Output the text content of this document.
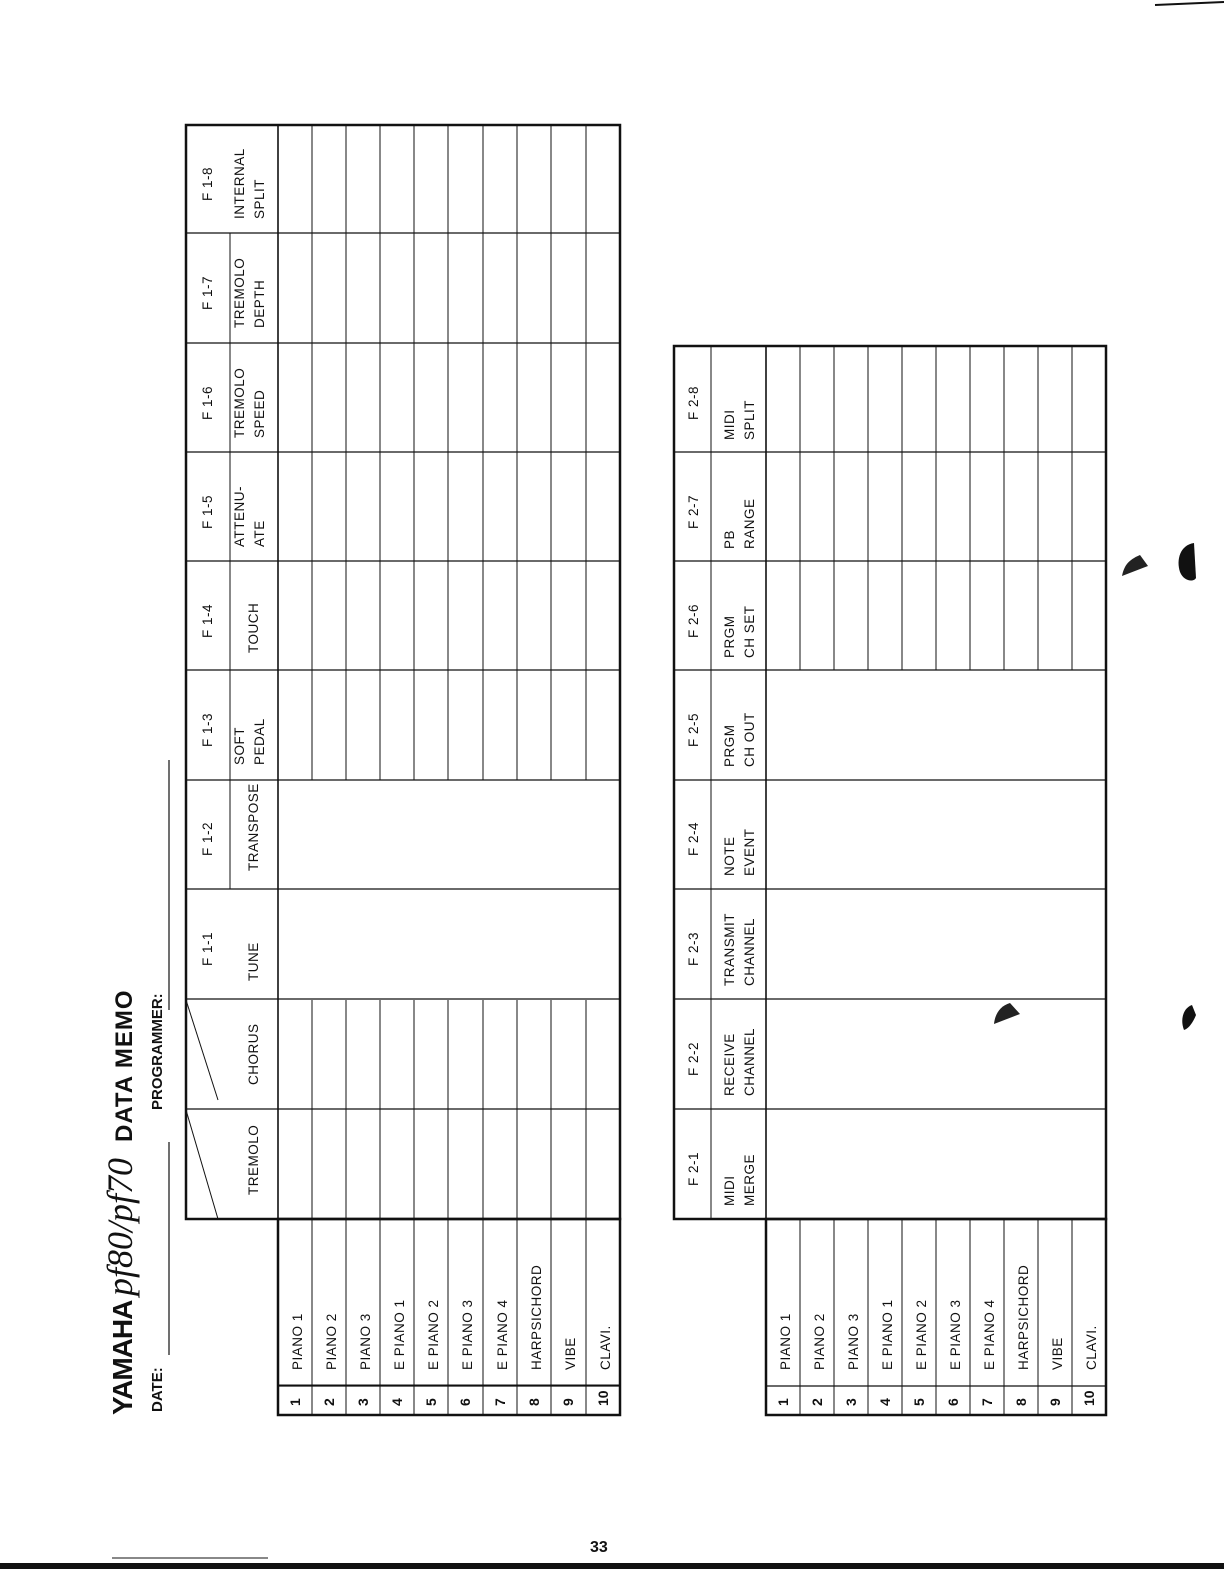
YAMAHA
pf80/pf70
DATA MEMO
DATE:
PROGRAMMER:
TREMOLO
CHORUS
F 1-1 TUNE
F 1-2 TRANSPOSE
F 1-3 SOFT PEDAL
F 1-4 TOUCH
F 1-5 ATTENU- ATE
F 1-6 TREMOLO SPEED
F 1-7 TREMOLO DEPTH
F 1-8 INTERNAL SPLIT
1
PIANO 1
2
PIANO 2
3
PIANO 3
4
E PIANO 1
5
E PIANO 2
6
E PIANO 3
7
E PIANO 4
8
HARPSICHORD
9
VIBE
10
CLAVI.
F 2-1
MIDI MERGE
F 2-2 RECEIVE CHANNEL
F 2-3 TRANSMIT CHANNEL
F 2-4 NOTE EVENT
F 2-5 PRGM CH OUT
F 2-6 PRGM CH SET
F 2-7
PB RANGE
F 2-8
MIDI SPLIT
1
PIANO 1
2
PIANO 2
3
PIANO 3
4
E PIANO 1
5
E PIANO 2
6
E PIANO 3
7
E PIANO 4
8
HARPSICHORD
9
VIBE
10
CLAVI.
33
